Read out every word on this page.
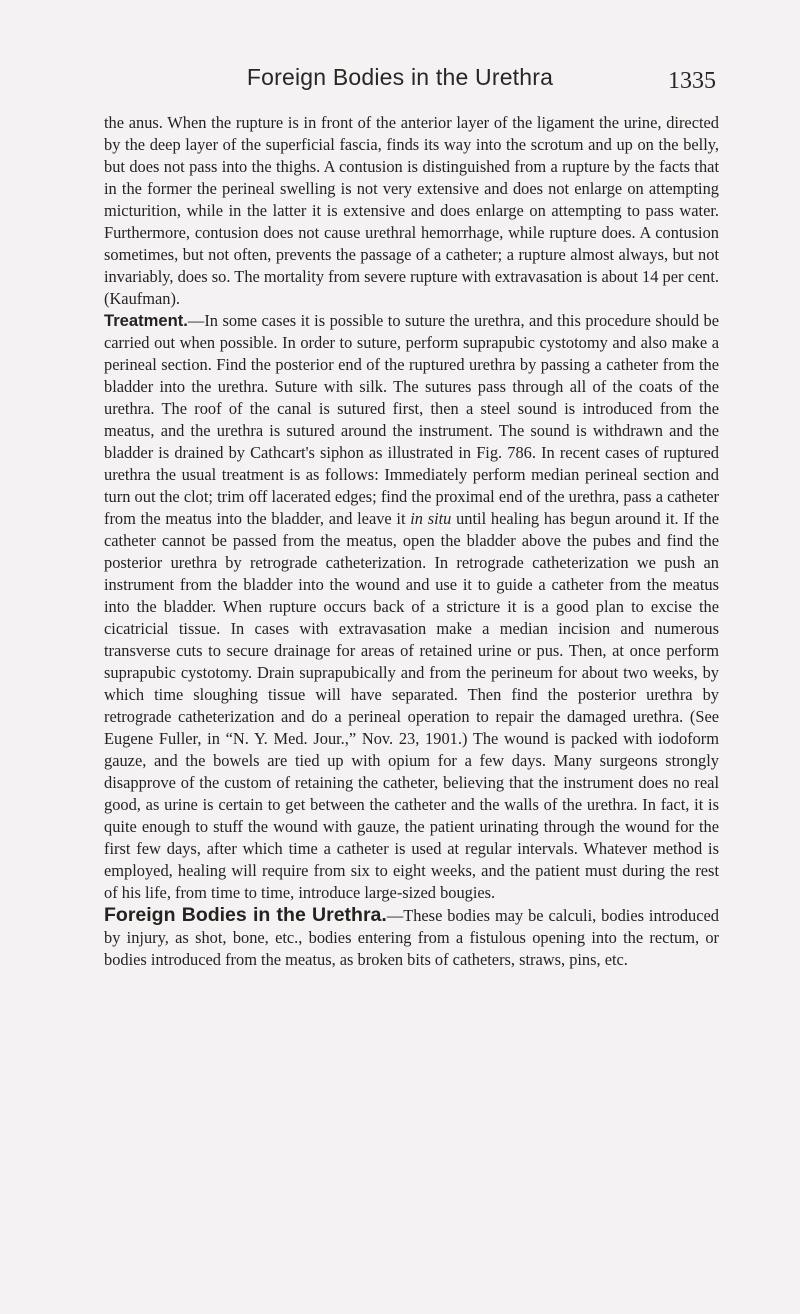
Foreign Bodies in the Urethra	1335

the anus. When the rupture is in front of the anterior layer of the ligament the urine, directed by the deep layer of the superficial fascia, finds its way into the scrotum and up on the belly, but does not pass into the thighs. A contusion is distinguished from a rupture by the facts that in the former the perineal swelling is not very extensive and does not enlarge on attempting micturition, while in the latter it is extensive and does enlarge on attempting to pass water. Furthermore, contusion does not cause urethral hemorrhage, while rupture does. A contusion sometimes, but not often, prevents the passage of a catheter; a rupture almost always, but not invariably, does so. The mortality from severe rupture with extravasation is about 14 per cent. (Kaufman).

Treatment.—In some cases it is possible to suture the urethra, and this procedure should be carried out when possible. In order to suture, perform suprapubic cystotomy and also make a perineal section. Find the posterior end of the ruptured urethra by passing a catheter from the bladder into the urethra. Suture with silk. The sutures pass through all of the coats of the urethra. The roof of the canal is sutured first, then a steel sound is introduced from the meatus, and the urethra is sutured around the instrument. The sound is withdrawn and the bladder is drained by Cathcart's siphon as illustrated in Fig. 786. In recent cases of ruptured urethra the usual treatment is as follows: Immediately perform median perineal section and turn out the clot; trim off lacerated edges; find the proximal end of the urethra, pass a catheter from the meatus into the bladder, and leave it in situ until healing has begun around it. If the catheter cannot be passed from the meatus, open the bladder above the pubes and find the posterior urethra by retrograde catheterization. In retrograde catheterization we push an instrument from the bladder into the wound and use it to guide a catheter from the meatus into the bladder. When rupture occurs back of a stricture it is a good plan to excise the cicatricial tissue. In cases with extravasation make a median incision and numerous transverse cuts to secure drainage for areas of retained urine or pus. Then, at once perform suprapubic cystotomy. Drain suprapubically and from the perineum for about two weeks, by which time sloughing tissue will have separated. Then find the posterior urethra by retrograde catheterization and do a perineal operation to repair the damaged urethra. (See Eugene Fuller, in “N. Y. Med. Jour.,” Nov. 23, 1901.) The wound is packed with iodoform gauze, and the bowels are tied up with opium for a few days. Many surgeons strongly disapprove of the custom of retaining the catheter, believing that the instrument does no real good, as urine is certain to get between the catheter and the walls of the urethra. In fact, it is quite enough to stuff the wound with gauze, the patient urinating through the wound for the first few days, after which time a catheter is used at regular intervals. Whatever method is employed, healing will require from six to eight weeks, and the patient must during the rest of his life, from time to time, introduce large-sized bougies.

Foreign Bodies in the Urethra.—These bodies may be calculi, bodies introduced by injury, as shot, bone, etc., bodies entering from a fistulous opening into the rectum, or bodies introduced from the meatus, as broken bits of catheters, straws, pins, etc.
